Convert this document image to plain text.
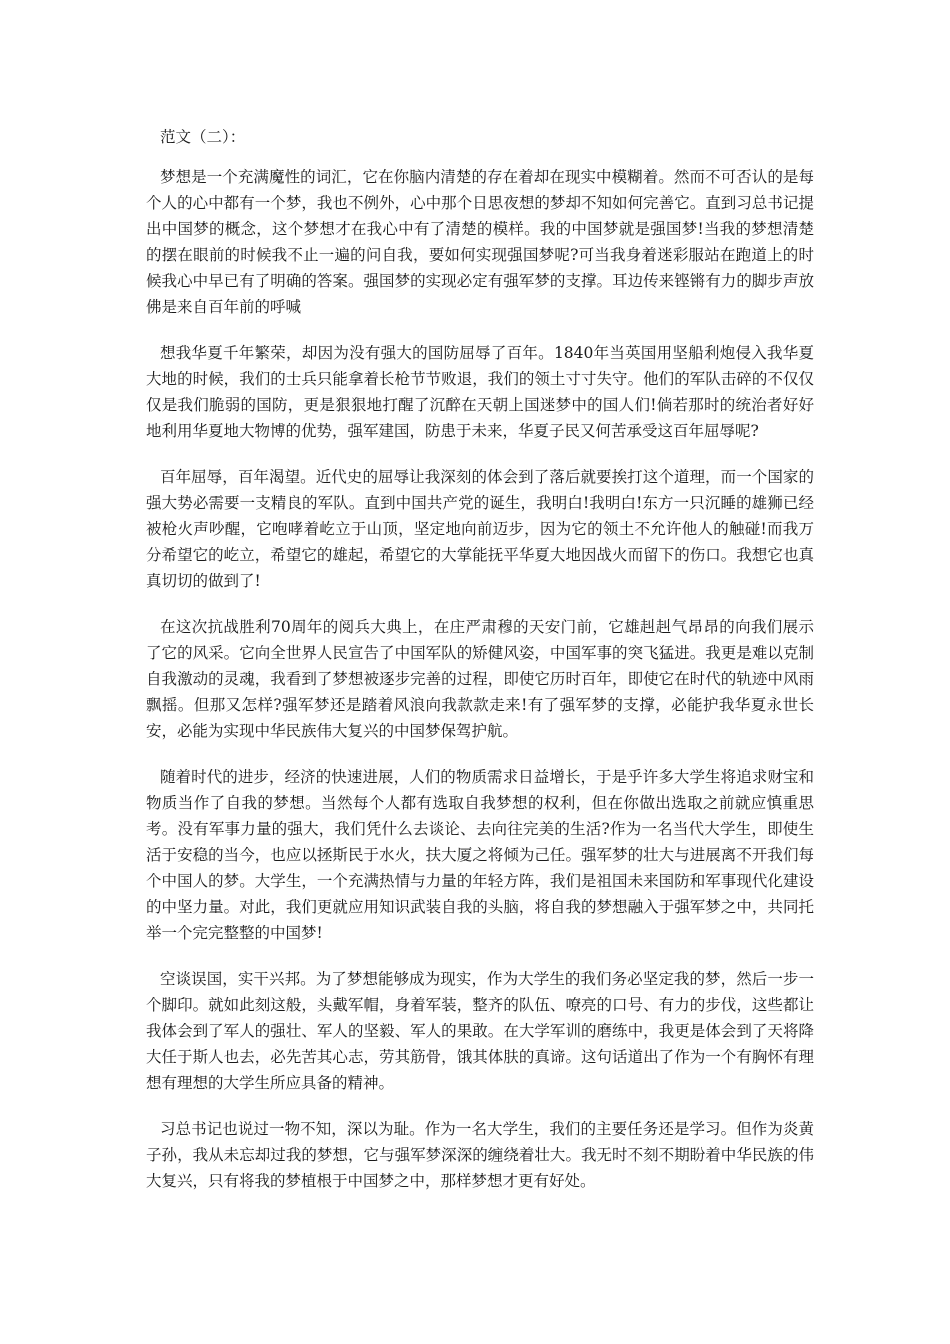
范文（二）：

梦想是一个充满魔性的词汇，它在你脑内清楚的存在着却在现实中模糊着。然而不可否认的是每个人的心中都有一个梦，我也不例外，心中那个日思夜想的梦却不知如何完善它。直到习总书记提出中国梦的概念，这个梦想才在我心中有了清楚的模样。我的中国梦就是强国梦!当我的梦想清楚的摆在眼前的时候我不止一遍的问自我，要如何实现强国梦呢?可当我身着迷彩服站在跑道上的时候我心中早已有了明确的答案。强国梦的实现必定有强军梦的支撑。耳边传来铿锵有力的脚步声放佛是来自百年前的呼喊

想我华夏千年繁荣，却因为没有强大的国防屈辱了百年。1840年当英国用坚船利炮侵入我华夏大地的时候，我们的士兵只能拿着长枪节节败退，我们的领土寸寸失守。他们的军队击碎的不仅仅仅是我们脆弱的国防，更是狠狠地打醒了沉醉在天朝上国迷梦中的国人们!倘若那时的统治者好好地利用华夏地大物博的优势，强军建国，防患于未来，华夏子民又何苦承受这百年屈辱呢?

百年屈辱，百年渴望。近代史的屈辱让我深刻的体会到了落后就要挨打这个道理，而一个国家的强大势必需要一支精良的军队。直到中国共产党的诞生，我明白!我明白!东方一只沉睡的雄狮已经被枪火声吵醒，它咆哮着屹立于山顶，坚定地向前迈步，因为它的领土不允许他人的触碰!而我万分希望它的屹立，希望它的雄起，希望它的大掌能抚平华夏大地因战火而留下的伤口。我想它也真真切切的做到了!

在这次抗战胜利70周年的阅兵大典上，在庄严肃穆的天安门前，它雄赳赳气昂昂的向我们展示了它的风采。它向全世界人民宣告了中国军队的矫健风姿，中国军事的突飞猛进。我更是难以克制自我激动的灵魂，我看到了梦想被逐步完善的过程，即使它历时百年，即使它在时代的轨迹中风雨飘摇。但那又怎样?强军梦还是踏着风浪向我款款走来!有了强军梦的支撑，必能护我华夏永世长安，必能为实现中华民族伟大复兴的中国梦保驾护航。

随着时代的进步，经济的快速进展，人们的物质需求日益增长，于是乎许多大学生将追求财宝和物质当作了自我的梦想。当然每个人都有选取自我梦想的权利，但在你做出选取之前就应慎重思考。没有军事力量的强大，我们凭什么去谈论、去向往完美的生活?作为一名当代大学生，即使生活于安稳的当今，也应以拯斯民于水火，扶大厦之将倾为己任。强军梦的壮大与进展离不开我们每个中国人的梦。大学生，一个充满热情与力量的年轻方阵，我们是祖国未来国防和军事现代化建设的中坚力量。对此，我们更就应用知识武装自我的头脑，将自我的梦想融入于强军梦之中，共同托举一个完完整整的中国梦!

空谈误国，实干兴邦。为了梦想能够成为现实，作为大学生的我们务必坚定我的梦，然后一步一个脚印。就如此刻这般，头戴军帽，身着军装，整齐的队伍、嘹亮的口号、有力的步伐，这些都让我体会到了军人的强壮、军人的坚毅、军人的果敢。在大学军训的磨练中，我更是体会到了天将降大任于斯人也去，必先苦其心志，劳其筋骨，饿其体肤的真谛。这句话道出了作为一个有胸怀有理想有理想的大学生所应具备的精神。

习总书记也说过一物不知，深以为耻。作为一名大学生，我们的主要任务还是学习。但作为炎黄子孙，我从未忘却过我的梦想，它与强军梦深深的缠绕着壮大。我无时不刻不期盼着中华民族的伟大复兴，只有将我的梦植根于中国梦之中，那样梦想才更有好处。
